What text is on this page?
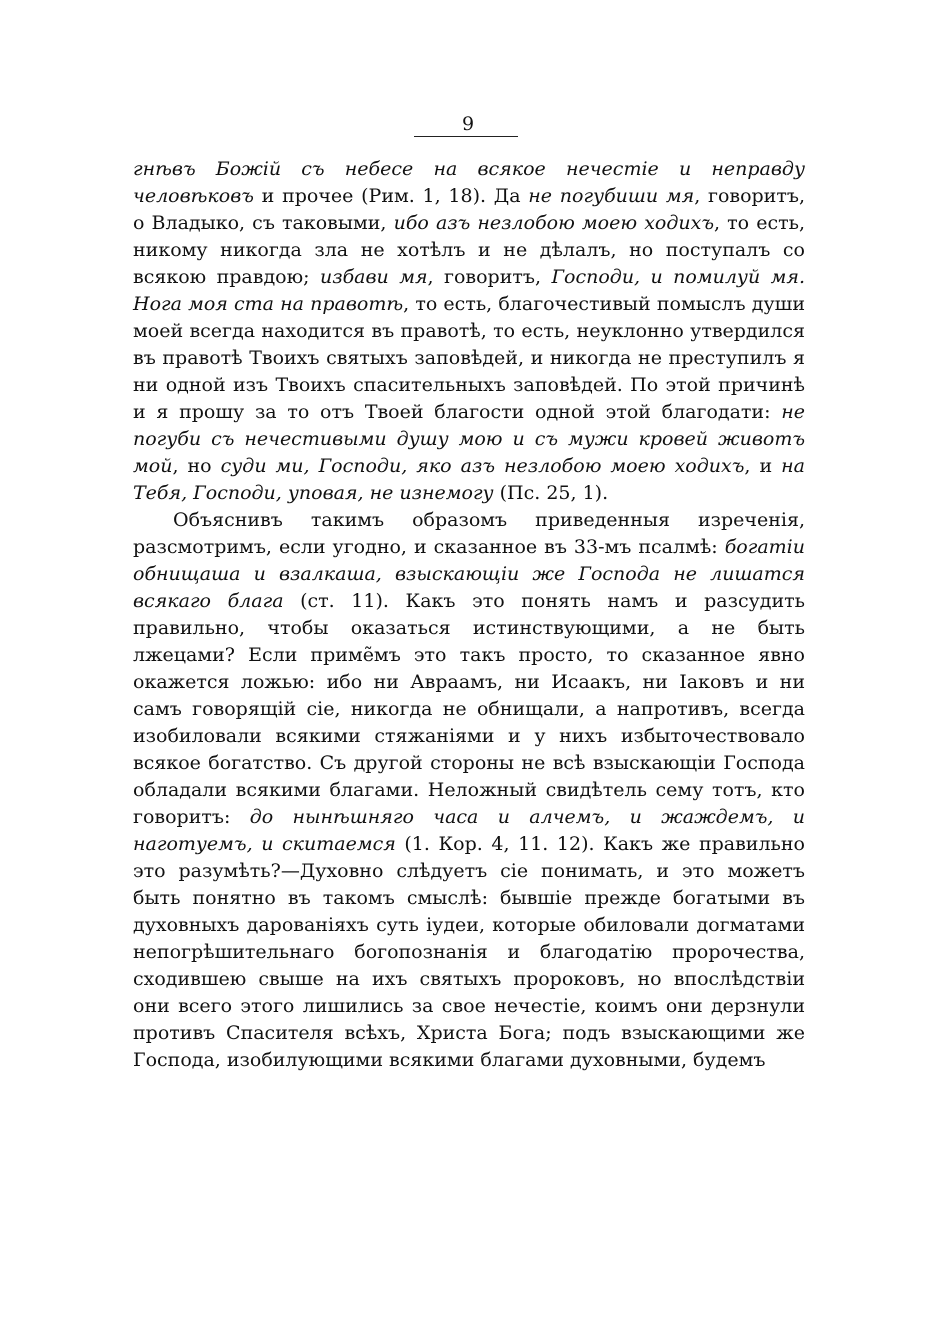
9

гнѣвъ Божій съ небесе на всякое нечестіе и неправду человѣковъ и прочее (Рим. 1, 18). Да не погубиши мя, говоритъ, о Владыко, съ таковыми, ибо азъ незлобою моею ходихъ, то есть, никому никогда зла не хотѣлъ и не дѣлалъ, но поступалъ со всякою правдою; избави мя, говоритъ, Господи, и помилуй мя. Нога моя ста на правотѣ, то есть, благочестивый помыслъ души моей всегда находится въ правотѣ, то есть, неуклонно утвердился въ правотѣ Твоихъ святыхъ заповѣдей, и никогда не преступилъ я ни одной изъ Твоихъ спасительныхъ заповѣдей. По этой причинѣ и я прошу за то отъ Твоей благости одной этой благодати: не погуби съ нечестивыми душу мою и съ мужи кровей животъ мой, но суди ми, Господи, яко азъ незлобою моею ходихъ, и на Тебя, Господи, уповая, не изнемогу (Пс. 25, 1).

Объяснивъ такимъ образомъ приведенныя изреченія, разсмотримъ, если угодно, и сказанное въ 33-мъ псалмѣ: богатіи обнищаша и взалкаша, взыскающіи же Господа не лишатся всякаго блага (ст. 11). Какъ это понять намъ и разсудить правильно, чтобы оказаться истинствующими, а не быть лжецами? Если приме̃мъ это такъ просто, то сказанное явно окажется ложью: ибо ни Авраамъ, ни Исаакъ, ни Іаковъ и ни самъ говорящій сіе, никогда не обнищали, а напротивъ, всегда изобиловали всякими стяжаніями и у нихъ избыточествовало всякое богатство. Съ другой стороны не всѣ взыскающіи Господа обладали всякими благами. Неложный свидѣтель сему тотъ, кто говоритъ: до нынѣшняго часа и алчемъ, и жаждемъ, и наготуемъ, и скитаемся (1. Кор. 4, 11. 12). Какъ же правильно это разумѣть?—Духовно слѣдуетъ сіе понимать, и это можетъ быть понятно въ такомъ смыслѣ: бывшіе прежде богатыми въ духовныхъ дарованіяхъ суть іудеи, которые обиловали догматами непогрѣшительнаго богопознанія и благодатію пророчества, сходившею свыше на ихъ святыхъ пророковъ, но впослѣдствіи они всего этого лишились за свое нечестіе, коимъ они дерзнули противъ Спасителя всѣхъ, Христа Бога; подъ взыскающими же Господа, изобилующими всякими благами духовными, будемъ
